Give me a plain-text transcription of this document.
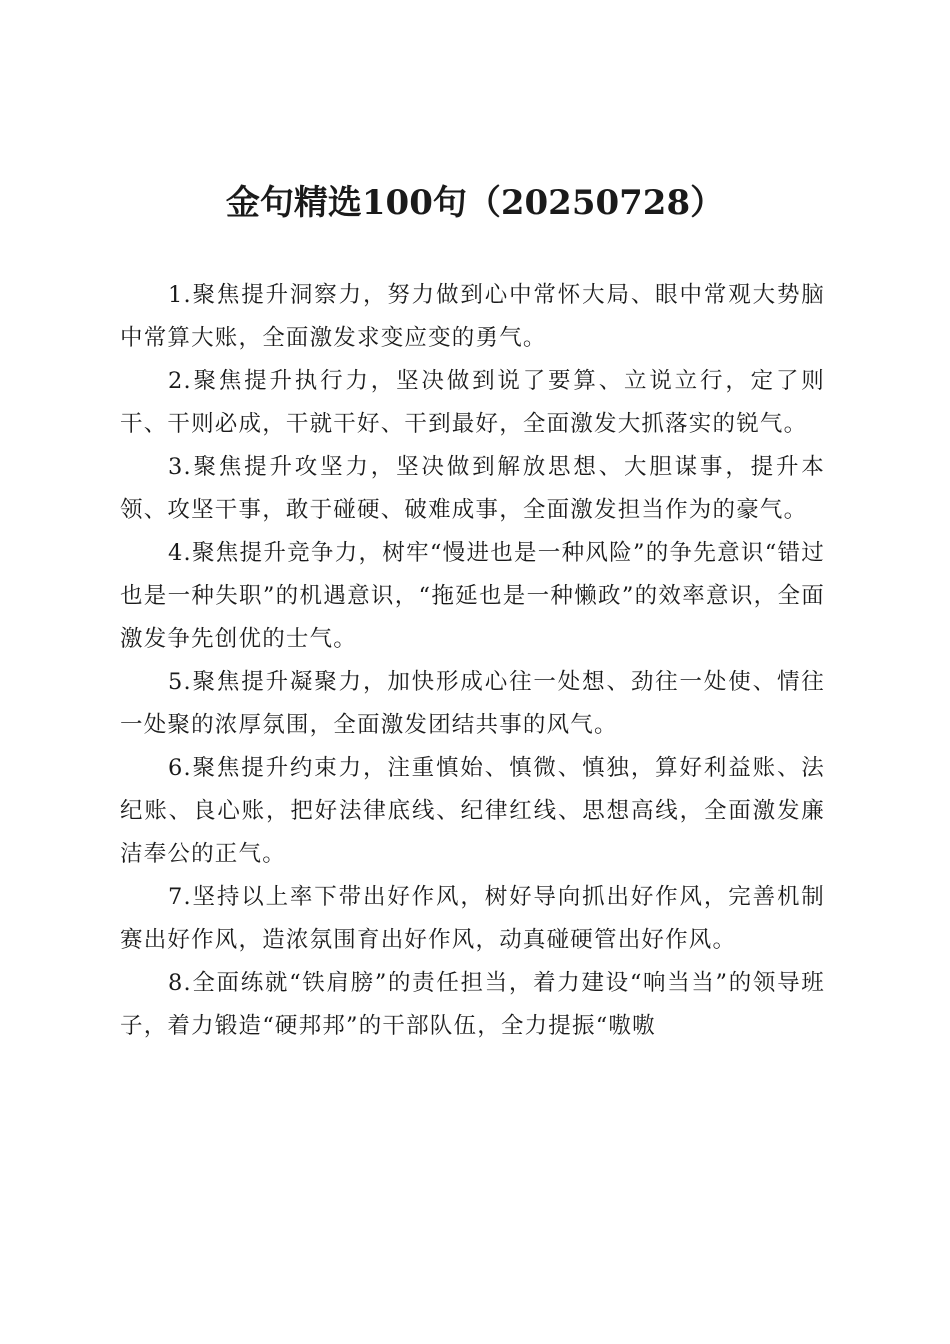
金句精选100句（20250728）

1.聚焦提升洞察力，努力做到心中常怀大局、眼中常观大势脑中常算大账，全面激发求变应变的勇气。

2.聚焦提升执行力，坚决做到说了要算、立说立行，定了则干、干则必成，干就干好、干到最好，全面激发大抓落实的锐气。

3.聚焦提升攻坚力，坚决做到解放思想、大胆谋事，提升本领、攻坚干事，敢于碰硬、破难成事，全面激发担当作为的豪气。

4.聚焦提升竞争力，树牢“慢进也是一种风险”的争先意识“错过也是一种失职”的机遇意识，“拖延也是一种懒政”的效率意识，全面激发争先创优的士气。

5.聚焦提升凝聚力，加快形成心往一处想、劲往一处使、情往一处聚的浓厚氛围，全面激发团结共事的风气。

6.聚焦提升约束力，注重慎始、慎微、慎独，算好利益账、法纪账、良心账，把好法律底线、纪律红线、思想高线，全面激发廉洁奉公的正气。

7.坚持以上率下带出好作风，树好导向抓出好作风，完善机制赛出好作风，造浓氛围育出好作风，动真碰硬管出好作风。

8.全面练就“铁肩膀”的责任担当，着力建设“响当当”的领导班子，着力锻造“硬邦邦”的干部队伍，全力提振“嗷嗷
